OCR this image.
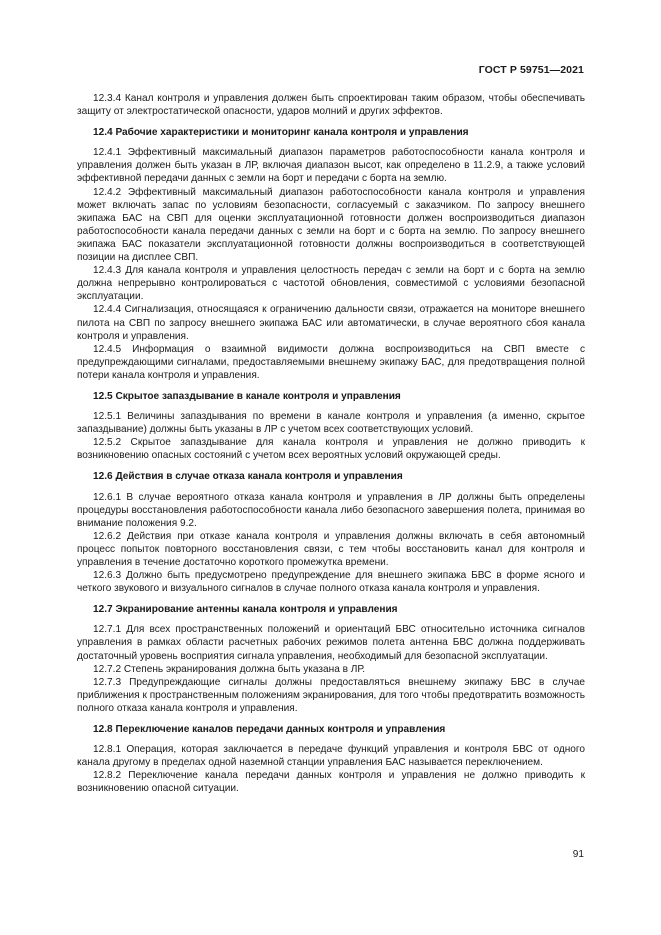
ГОСТ Р 59751—2021

12.3.4 Канал контроля и управления должен быть спроектирован таким образом, чтобы обеспечивать защиту от электростатической опасности, ударов молний и других эффектов.

12.4 Рабочие характеристики и мониторинг канала контроля и управления

12.4.1 Эффективный максимальный диапазон параметров работоспособности канала контроля и управления должен быть указан в ЛР, включая диапазон высот, как определено в 11.2.9, а также условий эффективной передачи данных с земли на борт и передачи с борта на землю.

12.4.2 Эффективный максимальный диапазон работоспособности канала контроля и управления может включать запас по условиям безопасности, согласуемый с заказчиком. По запросу внешнего экипажа БАС на СВП для оценки эксплуатационной готовности должен воспроизводиться диапазон работоспособности канала передачи данных с земли на борт и с борта на землю. По запросу внешнего экипажа БАС показатели эксплуатационной готовности должны воспроизводиться в соответствующей позиции на дисплее СВП.

12.4.3 Для канала контроля и управления целостность передач с земли на борт и с борта на землю должна непрерывно контролироваться с частотой обновления, совместимой с условиями безопасной эксплуатации.

12.4.4 Сигнализация, относящаяся к ограничению дальности связи, отражается на мониторе внешнего пилота на СВП по запросу внешнего экипажа БАС или автоматически, в случае вероятного сбоя канала контроля и управления.

12.4.5 Информация о взаимной видимости должна воспроизводиться на СВП вместе с предупреждающими сигналами, предоставляемыми внешнему экипажу БАС, для предотвращения полной потери канала контроля и управления.

12.5 Скрытое запаздывание в канале контроля и управления

12.5.1 Величины запаздывания по времени в канале контроля и управления (а именно, скрытое запаздывание) должны быть указаны в ЛР с учетом всех соответствующих условий.

12.5.2 Скрытое запаздывание для канала контроля и управления не должно приводить к возникновению опасных состояний с учетом всех вероятных условий окружающей среды.

12.6 Действия в случае отказа канала контроля и управления

12.6.1 В случае вероятного отказа канала контроля и управления в ЛР должны быть определены процедуры восстановления работоспособности канала либо безопасного завершения полета, принимая во внимание положения 9.2.

12.6.2 Действия при отказе канала контроля и управления должны включать в себя автономный процесс попыток повторного восстановления связи, с тем чтобы восстановить канал для контроля и управления в течение достаточно короткого промежутка времени.

12.6.3 Должно быть предусмотрено предупреждение для внешнего экипажа БВС в форме ясного и четкого звукового и визуального сигналов в случае полного отказа канала контроля и управления.

12.7 Экранирование антенны канала контроля и управления

12.7.1 Для всех пространственных положений и ориентаций БВС относительно источника сигналов управления в рамках области расчетных рабочих режимов полета антенна БВС должна поддерживать достаточный уровень восприятия сигнала управления, необходимый для безопасной эксплуатации.

12.7.2 Степень экранирования должна быть указана в ЛР.

12.7.3 Предупреждающие сигналы должны предоставляться внешнему экипажу БВС в случае приближения к пространственным положениям экранирования, для того чтобы предотвратить возможность полного отказа канала контроля и управления.

12.8 Переключение каналов передачи данных контроля и управления

12.8.1 Операция, которая заключается в передаче функций управления и контроля БВС от одного канала другому в пределах одной наземной станции управления БАС называется переключением.

12.8.2 Переключение канала передачи данных контроля и управления не должно приводить к возникновению опасной ситуации.

91
